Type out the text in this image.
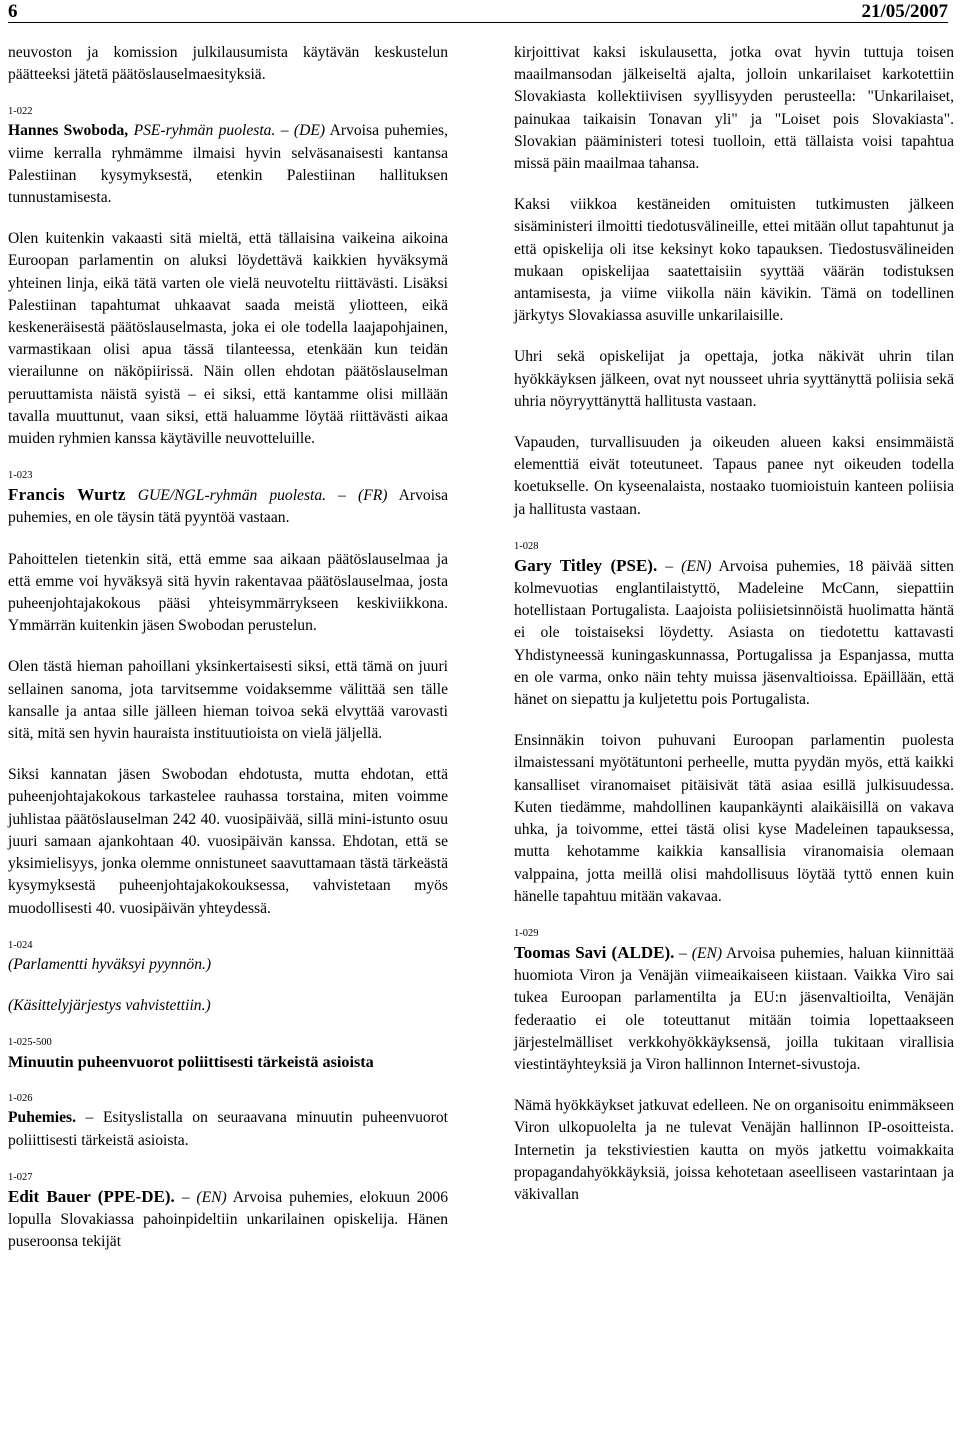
6	21/05/2007

neuvoston ja komission julkilausumista käytävän keskustelun päätteeksi jätetä päätöslauselmaesityksiä.

1-022

Hannes Swoboda, PSE-ryhmän puolesta. – (DE) Arvoisa puhemies, viime kerralla ryhmämme ilmaisi hyvin selväsanaisesti kantansa Palestiinan kysymyksestä, etenkin Palestiinan hallituksen tunnustamisesta.

Olen kuitenkin vakaasti sitä mieltä, että tällaisina vaikeina aikoina Euroopan parlamentin on aluksi löydettävä kaikkien hyväksymä yhteinen linja, eikä tätä varten ole vielä neuvoteltu riittävästi. Lisäksi Palestiinan tapahtumat uhkaavat saada meistä yliotteen, eikä keskeneräisestä päätöslauselmasta, joka ei ole todella laajapohjainen, varmastikaan olisi apua tässä tilanteessa, etenkään kun teidän vierailunne on näköpiirissä. Näin ollen ehdotan päätöslauselman peruuttamista näistä syistä – ei siksi, että kantamme olisi millään tavalla muuttunut, vaan siksi, että haluamme löytää riittävästi aikaa muiden ryhmien kanssa käytäville neuvotteluille.

1-023

Francis Wurtz GUE/NGL-ryhmän puolesta. – (FR) Arvoisa puhemies, en ole täysin tätä pyyntöä vastaan.

Pahoittelen tietenkin sitä, että emme saa aikaan päätöslauselmaa ja että emme voi hyväksyä sitä hyvin rakentavaa päätöslauselmaa, josta puheenjohtajakokous pääsi yhteisymmärrykseen keskiviikkona. Ymmärrän kuitenkin jäsen Swobodan perustelun.

Olen tästä hieman pahoillani yksinkertaisesti siksi, että tämä on juuri sellainen sanoma, jota tarvitsemme voidaksemme välittää sen tälle kansalle ja antaa sille jälleen hieman toivoa sekä elvyttää varovasti sitä, mitä sen hyvin hauraista instituutioista on vielä jäljellä.

Siksi kannatan jäsen Swobodan ehdotusta, mutta ehdotan, että puheenjohtajakokous tarkastelee rauhassa torstaina, miten voimme juhlistaa päätöslauselman 242 40. vuosipäivää, sillä mini-istunto osuu juuri samaan ajankohtaan 40. vuosipäivän kanssa. Ehdotan, että se yksimielisyys, jonka olemme onnistuneet saavuttamaan tästä tärkeästä kysymyksestä puheenjohtajakokouksessa, vahvistetaan myös muodollisesti 40. vuosipäivän yhteydessä.

1-024

(Parlamentti hyväksyi pyynnön.)

(Käsittelyjärjestys vahvistettiin.)

1-025-500

Minuutin puheenvuorot poliittisesti tärkeistä asioista

1-026

Puhemies. – Esityslistalla on seuraavana minuutin puheenvuorot poliittisesti tärkeistä asioista.

1-027

Edit Bauer (PPE-DE). – (EN) Arvoisa puhemies, elokuun 2006 lopulla Slovakiassa pahoinpideltiin unkarilainen opiskelija. Hänen puseroonsa tekijät

kirjoittivat kaksi iskulausetta, jotka ovat hyvin tuttuja toisen maailmansodan jälkeiseltä ajalta, jolloin unkarilaiset karkotettiin Slovakiasta kollektiivisen syyllisyyden perusteella: "Unkarilaiset, painukaa taikaisin Tonavan yli" ja "Loiset pois Slovakiasta". Slovakian pääministeri totesi tuolloin, että tällaista voisi tapahtua missä päin maailmaa tahansa.

Kaksi viikkoa kestäneiden omituisten tutkimusten jälkeen sisäministeri ilmoitti tiedotusvälineille, ettei mitään ollut tapahtunut ja että opiskelija oli itse keksinyt koko tapauksen. Tiedostusvälineiden mukaan opiskelijaa saatettaisiin syyttää väärän todistuksen antamisesta, ja viime viikolla näin kävikin. Tämä on todellinen järkytys Slovakiassa asuville unkarilaisille.

Uhri sekä opiskelijat ja opettaja, jotka näkivät uhrin tilan hyökkäyksen jälkeen, ovat nyt nousseet uhria syyttänyttä poliisia sekä uhria nöyryyttänyttä hallitusta vastaan.

Vapauden, turvallisuuden ja oikeuden alueen kaksi ensimmäistä elementtiä eivät toteutuneet. Tapaus panee nyt oikeuden todella koetukselle. On kyseenalaista, nostaako tuomioistuin kanteen poliisia ja hallitusta vastaan.

1-028

Gary Titley (PSE). – (EN) Arvoisa puhemies, 18 päivää sitten kolmevuotias englantilaistyttö, Madeleine McCann, siepattiin hotellistaan Portugalista. Laajoista poliisietsinnöistä huolimatta häntä ei ole toistaiseksi löydetty. Asiasta on tiedotettu kattavasti Yhdistyneessä kuningaskunnassa, Portugalissa ja Espanjassa, mutta en ole varma, onko näin tehty muissa jäsenvaltioissa. Epäillään, että hänet on siepattu ja kuljetettu pois Portugalista.

Ensinnäkin toivon puhuvani Euroopan parlamentin puolesta ilmaistessani myötätuntoni perheelle, mutta pyydän myös, että kaikki kansalliset viranomaiset pitäisivät tätä asiaa esillä julkisuudessa. Kuten tiedämme, mahdollinen kaupankäynti alaikäisillä on vakava uhka, ja toivomme, ettei tästä olisi kyse Madeleinen tapauksessa, mutta kehotamme kaikkia kansallisia viranomaisia olemaan valppaina, jotta meillä olisi mahdollisuus löytää tyttö ennen kuin hänelle tapahtuu mitään vakavaa.

1-029

Toomas Savi (ALDE). – (EN) Arvoisa puhemies, haluan kiinnittää huomiota Viron ja Venäjän viimeaikaiseen kiistaan. Vaikka Viro sai tukea Euroopan parlamentilta ja EU:n jäsenvaltioilta, Venäjän federaatio ei ole toteuttanut mitään toimia lopettaakseen järjestelmälliset verkkohyökkäyksensä, joilla tukitaan virallisia viestintäyhteyksiä ja Viron hallinnon Internet-sivustoja.

Nämä hyökkäykset jatkuvat edelleen. Ne on organisoitu enimmäkseen Viron ulkopuolelta ja ne tulevat Venäjän hallinnon IP-osoitteista. Internetin ja tekstiviestien kautta on myös jatkettu voimakkaita propagandahyökkäyksiä, joissa kehotetaan aseelliseen vastarintaan ja väkivallan
